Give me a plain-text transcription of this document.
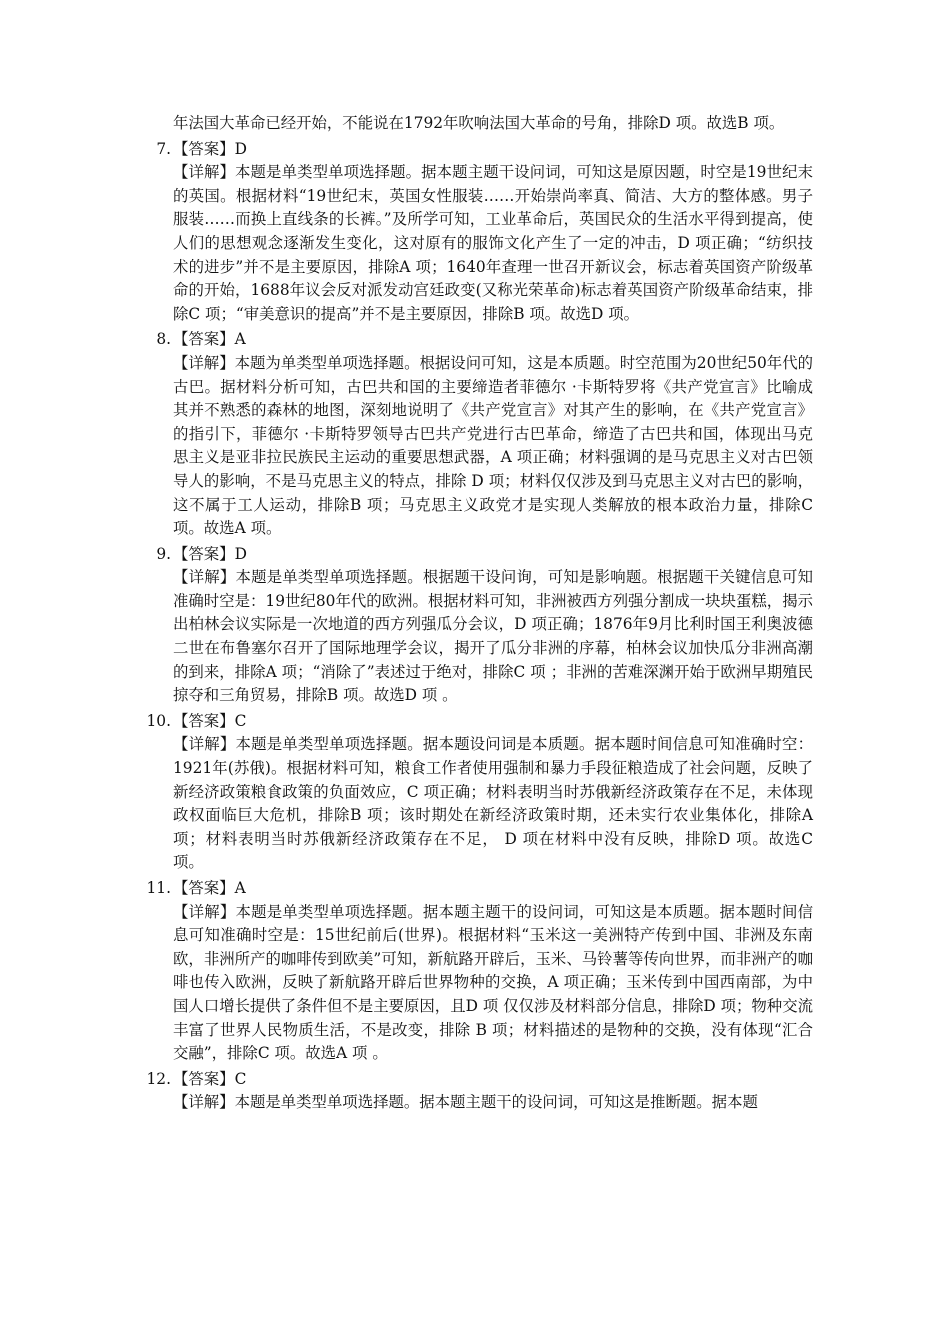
年法国大革命已经开始，不能说在1792年吹响法国大革命的号角，排除D 项。故选B 项。
7. 【答案】D
【详解】本题是单类型单项选择题。据本题主题干设问词，可知这是原因题，时空是19世纪末的英国。根据材料“19世纪末，英国女性服装……开始崇尚率真、简洁、大方的整体感。男子服装……而换上直线条的长裤。”及所学可知，工业革命后，英国民众的生活水平得到提高，使人们的思想观念逐渐发生变化，这对原有的服饰文化产生了一定的冲击，D 项正确；“纺织技术的进步”并不是主要原因，排除A 项；1640年查理一世召开新议会，标志着英国资产阶级革命的开始，1688年议会反对派发动宫廷政变(又称光荣革命)标志着英国资产阶级革命结束，排除C 项；“审美意识的提高”并不是主要原因，排除B 项。故选D 项。
8. 【答案】A
【详解】本题为单类型单项选择题。根据设问可知，这是本质题。时空范围为20世纪50年代的古巴。据材料分析可知，古巴共和国的主要缔造者菲德尔 ·卡斯特罗将《共产党宣言》比喻成其并不熟悉的森林的地图，深刻地说明了《共产党宣言》对其产生的影响，在《共产党宣言》的指引下，菲德尔 ·卡斯特罗领导古巴共产党进行古巴革命，缔造了古巴共和国，体现出马克思主义是亚非拉民族民主运动的重要思想武器，A 项正确；材料强调的是马克思主义对古巴领导人的影响，不是马克思主义的特点，排除 D 项；材料仅仅涉及到马克思主义对古巴的影响，这不属于工人运动，排除B 项；马克思主义政党才是实现人类解放的根本政治力量，排除C 项。故选A 项。
9. 【答案】D
【详解】本题是单类型单项选择题。根据题干设问询，可知是影响题。根据题干关键信息可知准确时空是：19世纪80年代的欧洲。根据材料可知，非洲被西方列强分割成一块块蛋糕，揭示出柏林会议实际是一次地道的西方列强瓜分会议，D 项正确；1876年9月比利时国王利奥波德二世在布鲁塞尔召开了国际地理学会议，揭开了瓜分非洲的序幕，柏林会议加快瓜分非洲高潮的到来，排除A 项；“消除了”表述过于绝对，排除C 项 ；非洲的苦难深渊开始于欧洲早期殖民掠夺和三角贸易，排除B 项。故选D 项 。
10. 【答案】C
【详解】本题是单类型单项选择题。据本题设问词是本质题。据本题时间信息可知准确时空：1921年(苏俄)。根据材料可知，粮食工作者使用强制和暴力手段征粮造成了社会问题，反映了新经济政策粮食政策的负面效应，C 项正确；材料表明当时苏俄新经济政策存在不足，未体现政权面临巨大危机，排除B 项；该时期处在新经济政策时期，还未实行农业集体化，排除A 项；材料表明当时苏俄新经济政策存在不足， D 项在材料中没有反映，排除D 项。故选C 项。
11. 【答案】A
【详解】本题是单类型单项选择题。据本题主题干的设问词，可知这是本质题。据本题时间信息可知准确时空是：15世纪前后(世界)。根据材料“玉米这一美洲特产传到中国、非洲及东南欧，非洲所产的咖啡传到欧美”可知，新航路开辟后，玉米、马铃薯等传向世界，而非洲产的咖啡也传入欧洲，反映了新航路开辟后世界物种的交换，A 项正确；玉米传到中国西南部，为中国人口增长提供了条件但不是主要原因，且D 项 仅仅涉及材料部分信息，排除D 项；物种交流丰富了世界人民物质生活，不是改变，排除 B 项；材料描述的是物种的交换，没有体现“汇合交融”，排除C 项。故选A 项 。
12. 【答案】C
【详解】本题是单类型单项选择题。据本题主题干的设问词，可知这是推断题。据本题
